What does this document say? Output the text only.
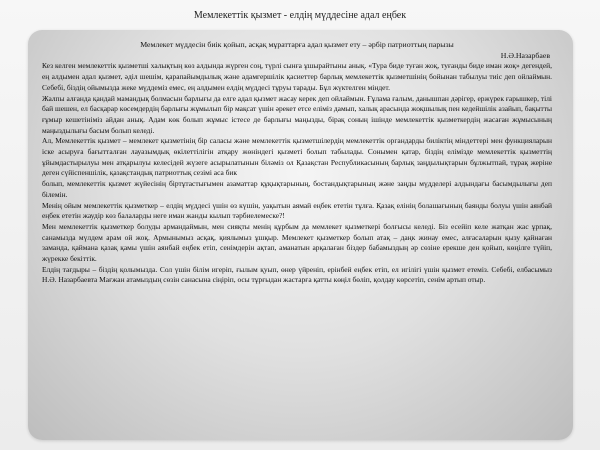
Мемлекеттік қызмет - елдің мүддесіне адал еңбек
Мемлекет мүддесін биік қойып, асқақ мұраттарға адал қызмет ету – әрбір патриоттың парызы
Н.Ә.Назарбаев

Кез келген мемлекеттік қызметші халықтың көз алдында жүрген соң, түрлі сынға ұшырайтыны анық. «Тура биде туған жоқ, туғанды биде иман жоқ» дегендей, ең алдымен адал қызмет, әділ шешім, қарапайымдылық және адамгершілік қасиеттер барлық мемлекеттік қызметшінің бойынан табылуы тиіс деп ойлаймын. Себебі, біздің ойымызда жеке мүддеміз емес, ең алдымен елдің мүддесі тұруы тарады. Бұл жүктелген міндет.

Жалпы алғанда қандай мамандық болмасын барлығы да елге адал қызмет жасау керек деп ойлаймын. Ғұлама ғалым, данышпан дәрігер, ержүрек ғарышкер, тілі бай шешен, ел басқарар көсемдердің барлығы жұмылып бір мақсат үшін әрекет етсе еліміз дамып, халық арасында жоқшылық пен кедейшілік азайып, бақытты ғұмыр кешетініміз айдан анық. Адам көк болып жұмыс істесе де барлығы маңызды, бірақ соның ішінде мемлекеттік қызметкердің жасаған жұмысының маңыздылығы басым болып келеді.

Ал, Мемлекеттік қызмет – мемлекет қызметінің бір саласы және мемлекеттік қызметшілердің мемлекеттік органдарды биліктің міндеттері мен функцияларын іске асыруға бағытталған лауазымдық өкілеттілігін атқару жөніндегі қызметі болып табылады. Сонымен қатар, біздің елімізде мемлекеттік қызметтің ұйымдастырылуы мен атқарылуы келесідей жүзеге асырылатынын біләміз ол Қазақстан Республикасының барлық заңдылықтарын бұлжытпай, тұрақ жеріне деген сүйіспеншілік, қазақстандық патриоттық сезімі аса бик

болып, мемлекеттік қызмет жүйесінің біртұтастығымен азаматтар құқықтарының, бостандықтарының және заңды мүдделері алдындағы басымдылығы деп білемін.

Менің ойым мемлекеттік қызметкер – елдің мүддесі үшін өз күшін, уақытын аямай еңбек ететін тұлға. Қазақ елінің болашағының баянды болуы үшін аянбай еңбек ететін жаудір көз балаларды неге иман жанды кылып тәрбиелемеске?!

Мен мемлекеттік қызметкер болуды армандаймын, мен сияқты менің құрбым да мемлекет қызметкері болғысы келеді. Біз есейіп келе жатқан жас ұрпақ, санамызда мүлдем арам ой жоқ. Армынымыз асқақ, қиялымыз ұшқыр. Мемлекет қызметкер болып атақ – даңк жинау емес, алғасаларын қызу қайнаған заманда, қаймана қазақ қамы үшін аянбай еңбек етіп, сенімдерін ақтап, аманатын арқалаған біздер бабамыздың әр сөзіне ерекше ден қойып, көңілге түйіп, жүрекке бекіттік.

Елдің тағдыры – біздің қолымызда. Сол үшін білім игеріп, ғылым қуып, өнер үйреніп, ерінбей еңбек етіп, ел игілігі үшін қызмет етеміз. Себебі, елбасымыз Н.Ә. Назарбаевта Мағжан атамыздың сөзін санасына сіңіріп, осы тұрғыдан жастарға қатты көңіл бөліп, қолдау көрсетіп, сенім артып отыр.
